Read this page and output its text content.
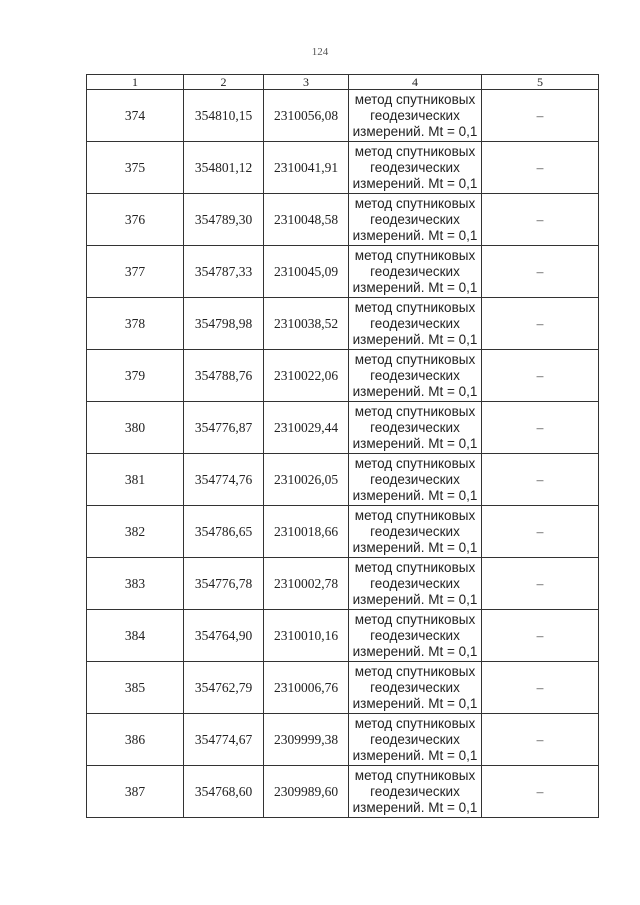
124
1	2	3	4	5
374	354810,15	2310056,08	метод спутниковых
геодезических
измерений. Mt = 0,1	–
375	354801,12	2310041,91	метод спутниковых
геодезических
измерений. Mt = 0,1	–
376	354789,30	2310048,58	метод спутниковых
геодезических
измерений. Mt = 0,1	–
377	354787,33	2310045,09	метод спутниковых
геодезических
измерений. Mt = 0,1	–
378	354798,98	2310038,52	метод спутниковых
геодезических
измерений. Mt = 0,1	–
379	354788,76	2310022,06	метод спутниковых
геодезических
измерений. Mt = 0,1	–
380	354776,87	2310029,44	метод спутниковых
геодезических
измерений. Mt = 0,1	–
381	354774,76	2310026,05	метод спутниковых
геодезических
измерений. Mt = 0,1	–
382	354786,65	2310018,66	метод спутниковых
геодезических
измерений. Mt = 0,1	–
383	354776,78	2310002,78	метод спутниковых
геодезических
измерений. Mt = 0,1	–
384	354764,90	2310010,16	метод спутниковых
геодезических
измерений. Mt = 0,1	–
385	354762,79	2310006,76	метод спутниковых
геодезических
измерений. Mt = 0,1	–
386	354774,67	2309999,38	метод спутниковых
геодезических
измерений. Mt = 0,1	–
387	354768,60	2309989,60	метод спутниковых
геодезических
измерений. Mt = 0,1	–
